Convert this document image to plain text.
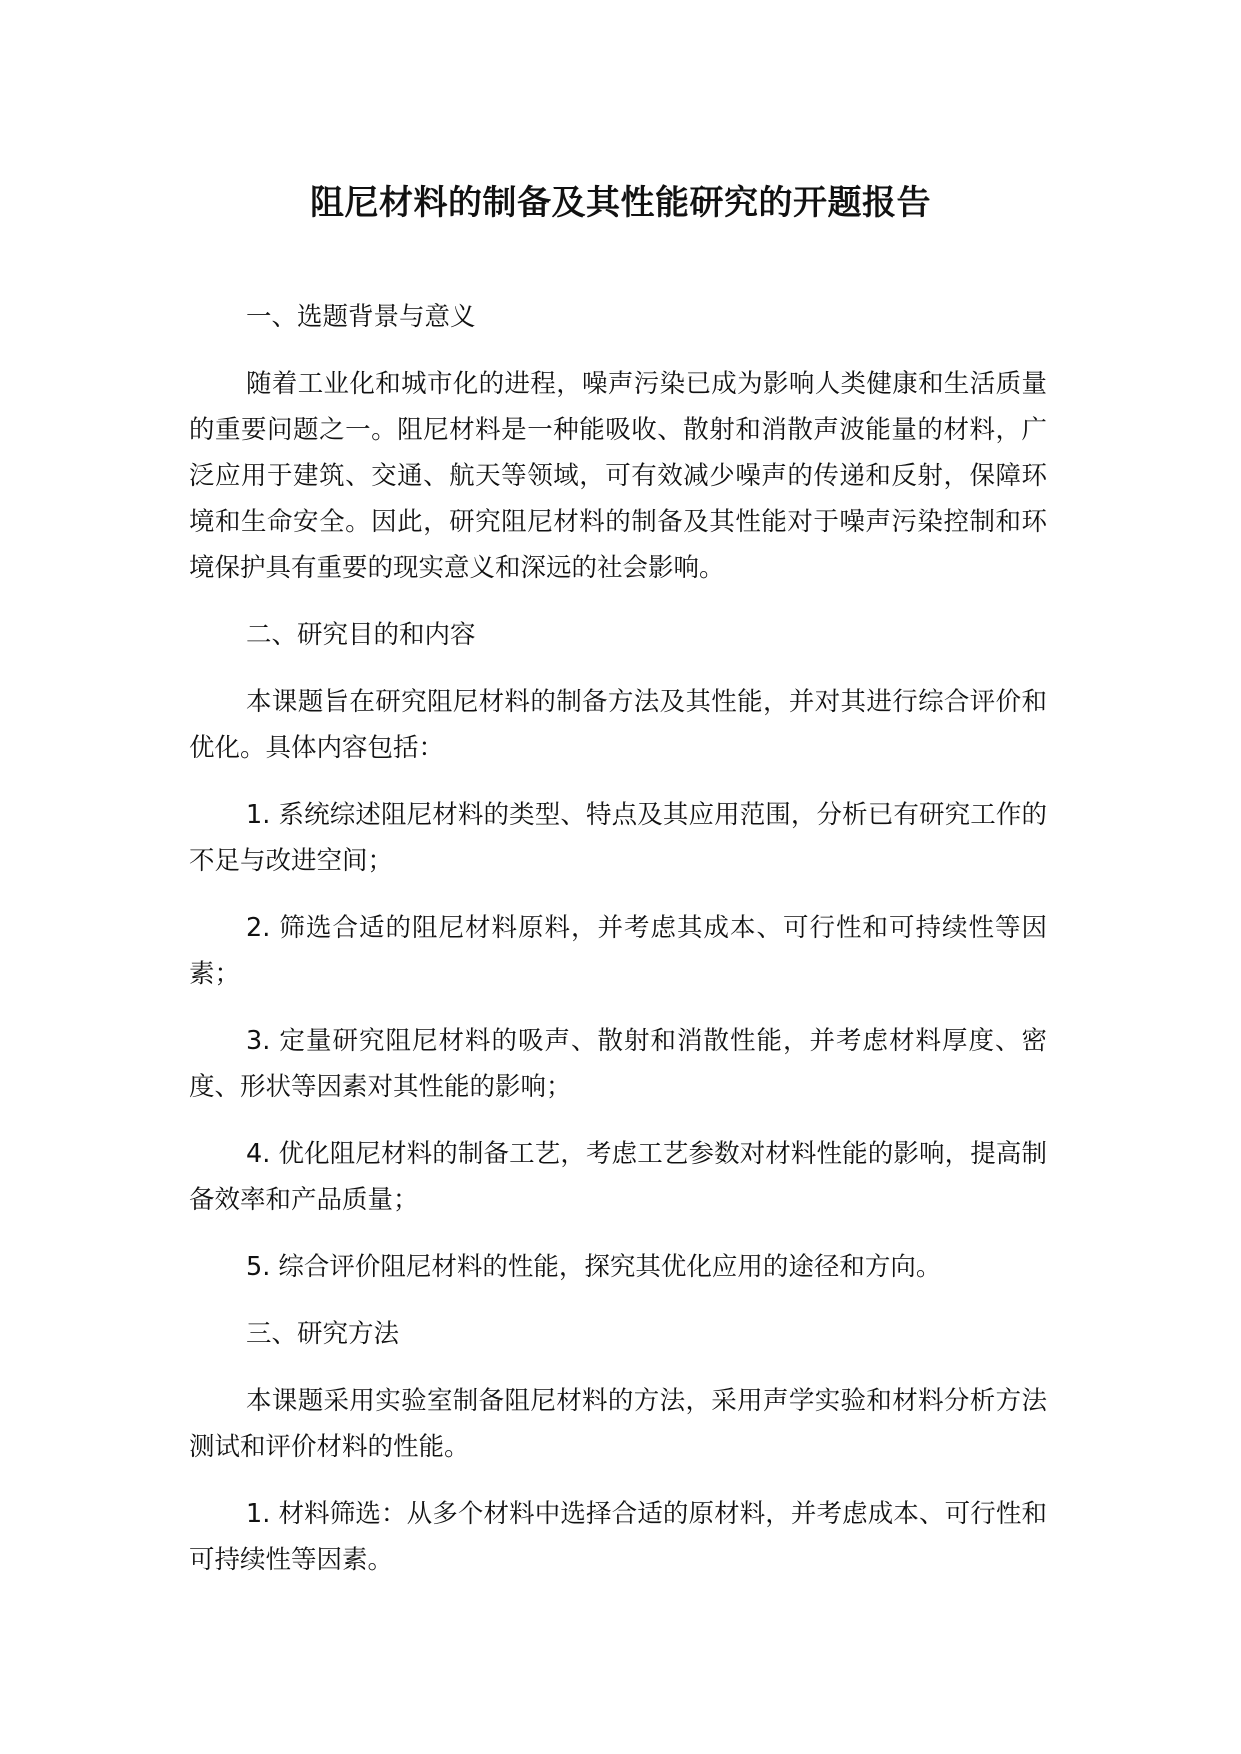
阻尼材料的制备及其性能研究的开题报告

一、选题背景与意义

随着工业化和城市化的进程，噪声污染已成为影响人类健康和生活质量的重要问题之一。阻尼材料是一种能吸收、散射和消散声波能量的材料，广泛应用于建筑、交通、航天等领域，可有效减少噪声的传递和反射，保障环境和生命安全。因此，研究阻尼材料的制备及其性能对于噪声污染控制和环境保护具有重要的现实意义和深远的社会影响。

二、研究目的和内容

本课题旨在研究阻尼材料的制备方法及其性能，并对其进行综合评价和优化。具体内容包括：

1. 系统综述阻尼材料的类型、特点及其应用范围，分析已有研究工作的不足与改进空间；

2. 筛选合适的阻尼材料原料，并考虑其成本、可行性和可持续性等因素；

3. 定量研究阻尼材料的吸声、散射和消散性能，并考虑材料厚度、密度、形状等因素对其性能的影响；

4. 优化阻尼材料的制备工艺，考虑工艺参数对材料性能的影响，提高制备效率和产品质量；

5. 综合评价阻尼材料的性能，探究其优化应用的途径和方向。

三、研究方法

本课题采用实验室制备阻尼材料的方法，采用声学实验和材料分析方法测试和评价材料的性能。

1. 材料筛选：从多个材料中选择合适的原材料，并考虑成本、可行性和可持续性等因素。
